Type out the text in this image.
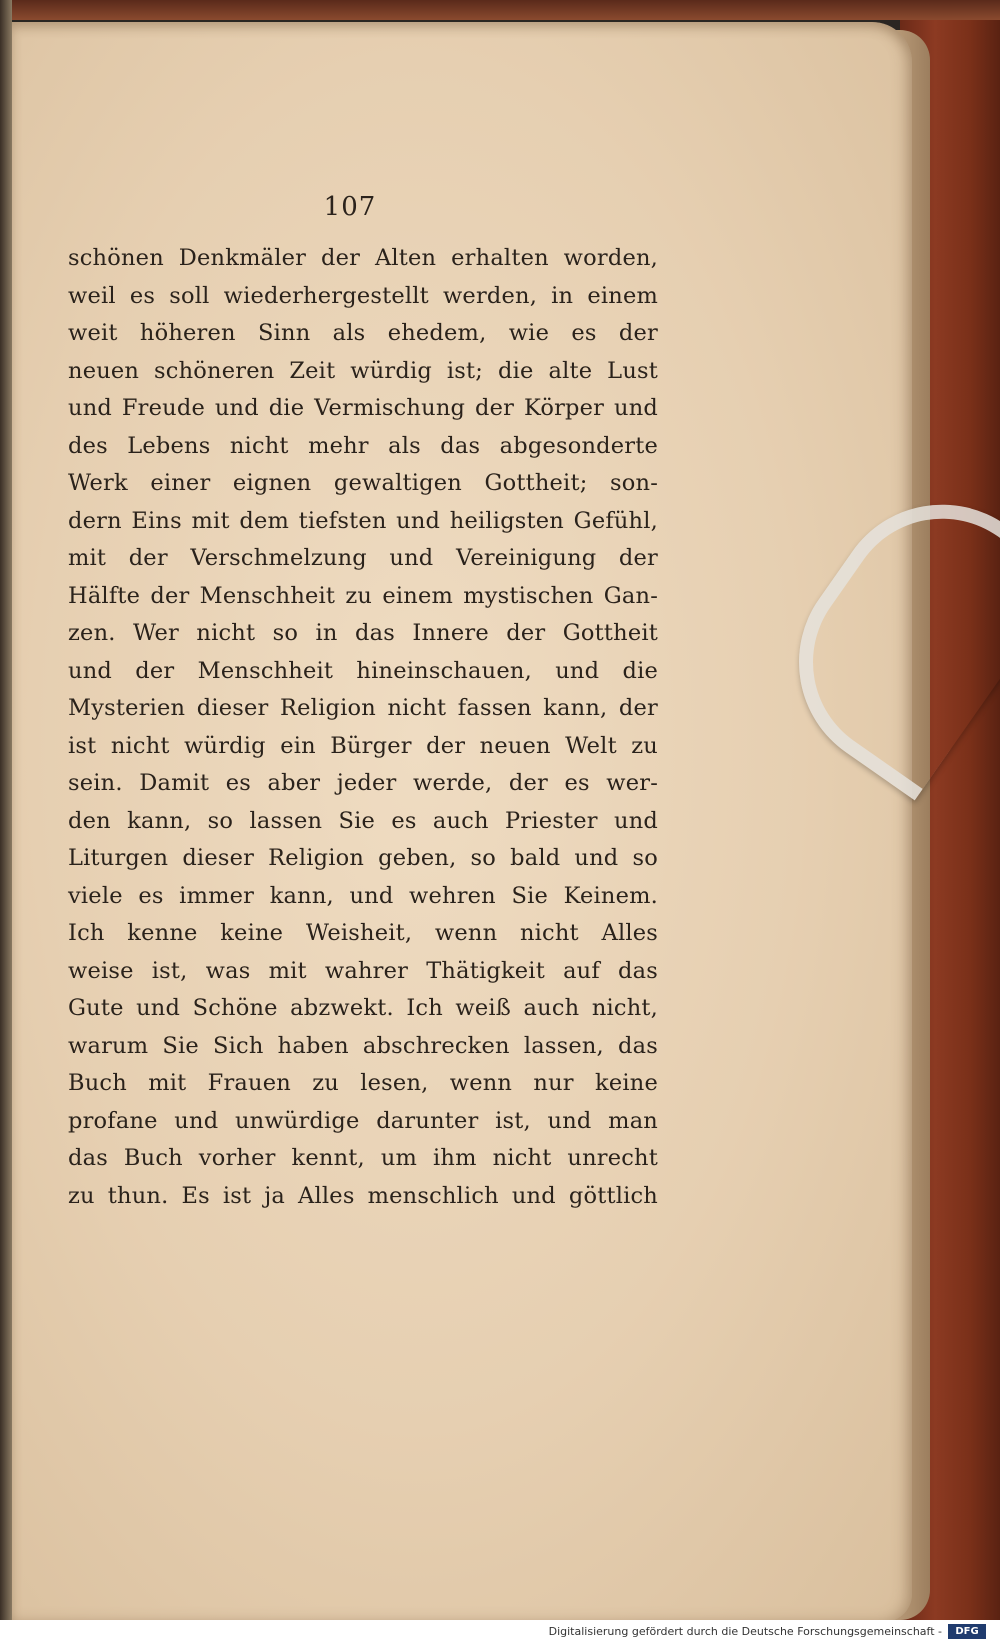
107
schönen Denkmäler der Alten erhalten worden,
weil es soll wiederhergestellt werden, in einem
weit höheren Sinn als ehedem, wie es der
neuen schöneren Zeit würdig ist; die alte Lust
und Freude und die Vermischung der Körper und
des Lebens nicht mehr als das abgesonderte
Werk einer eignen gewaltigen Gottheit; son-
dern Eins mit dem tiefsten und heiligsten Gefühl,
mit der Verschmelzung und Vereinigung der
Hälfte der Menschheit zu einem mystischen Gan-
zen. Wer nicht so in das Innere der Gottheit
und der Menschheit hineinschauen, und die
Mysterien dieser Religion nicht fassen kann, der
ist nicht würdig ein Bürger der neuen Welt zu
sein. Damit es aber jeder werde, der es wer-
den kann, so lassen Sie es auch Priester und
Liturgen dieser Religion geben, so bald und so
viele es immer kann, und wehren Sie Keinem.
Ich kenne keine Weisheit, wenn nicht Alles
weise ist, was mit wahrer Thätigkeit auf das
Gute und Schöne abzwekt. Ich weiß auch nicht,
warum Sie Sich haben abschrecken lassen, das
Buch mit Frauen zu lesen, wenn nur keine
profane und unwürdige darunter ist, und man
das Buch vorher kennt, um ihm nicht unrecht
zu thun. Es ist ja Alles menschlich und göttlich
Digitalisierung gefördert durch die Deutsche Forschungsgemeinschaft -	DFG
